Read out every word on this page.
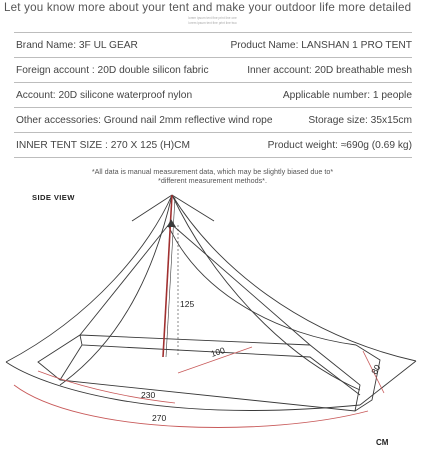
Let you know more about your tent and make your outdoor life more detailed
lorem ipsum text fine print line one
lorem ipsum text fine print line two
Brand Name: 3F UL GEAR	Product Name: LANSHAN 1 PRO TENT
Foreign account : 20D double silicon fabric	Inner account: 20D breathable mesh
Account: 20D silicone waterproof nylon	Applicable number: 1 people
Other accessories: Ground nail 2mm reflective wind rope	Storage size: 35x15cm
INNER TENT SIZE : 270 X 125 (H)CM	Product weight: ≈690g (0.69 kg)
*All data is manual measurement data, which may be slightly biased due to*
*different measurement methods*.
SIDE VIEW
125
100
80
230
270
CM
